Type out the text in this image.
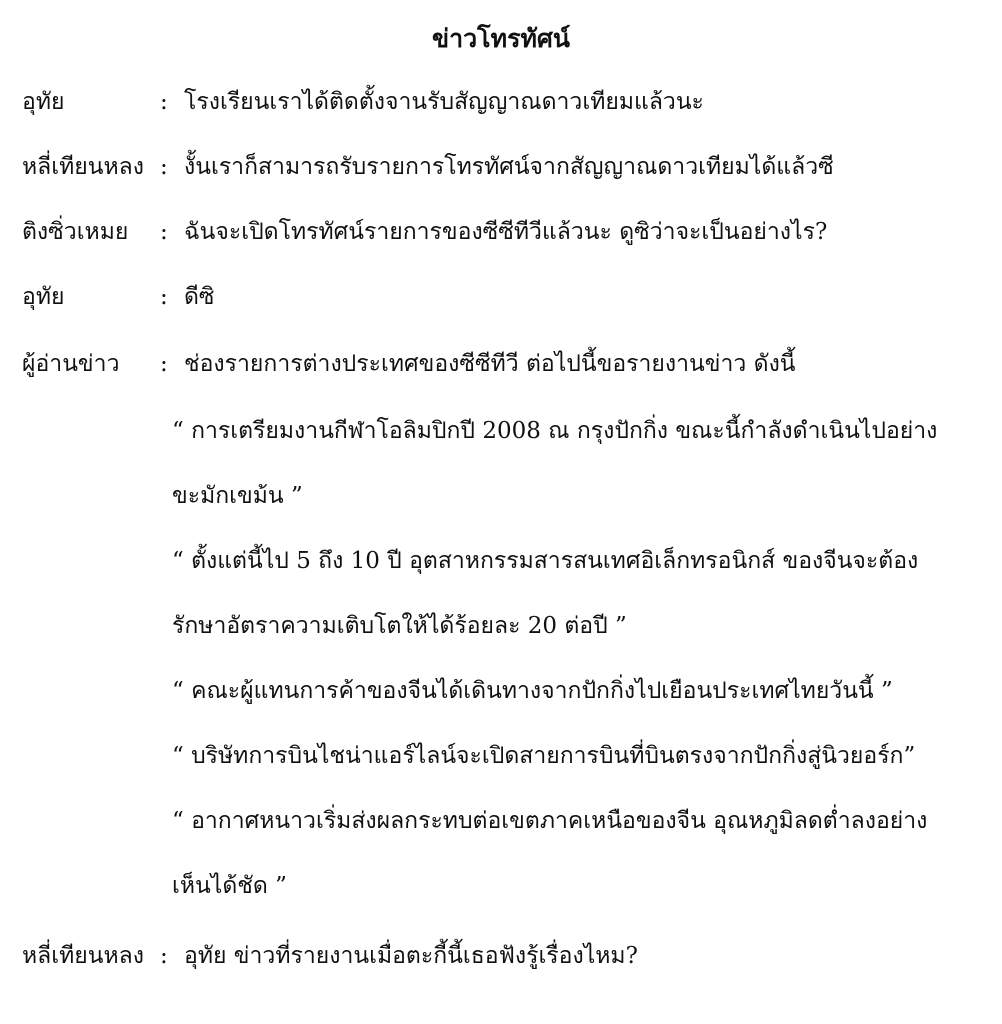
ข่าวโทรทัศน์
อุทัย	: โรงเรียนเราได้ติดตั้งจานรับสัญญาณดาวเทียมแล้วนะ
หลี่เทียนหลง : งั้นเราก็สามารถรับรายการโทรทัศน์จากสัญญาณดาวเทียมได้แล้วซี
ติงซิ่วเหมย : ฉันจะเปิดโทรทัศน์รายการของซีซีทีวีแล้วนะ ดูซิว่าจะเป็นอย่างไร?
อุทัย	: ดีซิ
ผู้อ่านข่าว : ช่องรายการต่างประเทศของซีซีทีวี ต่อไปนี้ขอรายงานข่าว ดังนี้
“ การเตรียมงานกีฬาโอลิมปิกปี 2008 ณ กรุงปักกิ่ง ขณะนี้กำลังดำเนินไปอย่าง
ขะมักเขม้น ”
“ ตั้งแต่นี้ไป 5 ถึง 10 ปี อุตสาหกรรมสารสนเทศอิเล็กทรอนิกส์ ของจีนจะต้อง
รักษาอัตราความเติบโตให้ได้ร้อยละ 20 ต่อปี ”
“ คณะผู้แทนการค้าของจีนได้เดินทางจากปักกิ่งไปเยือนประเทศไทยวันนี้ ”
“ บริษัทการบินไชน่าแอร์ไลน์จะเปิดสายการบินที่บินตรงจากปักกิ่งสู่นิวยอร์ก”
“ อากาศหนาวเริ่มส่งผลกระทบต่อเขตภาคเหนือของจีน อุณหภูมิลดต่ำลงอย่าง
เห็นได้ชัด ”
หลี่เทียนหลง : อุทัย ข่าวที่รายงานเมื่อตะกี้นี้เธอฟังรู้เรื่องไหม?
